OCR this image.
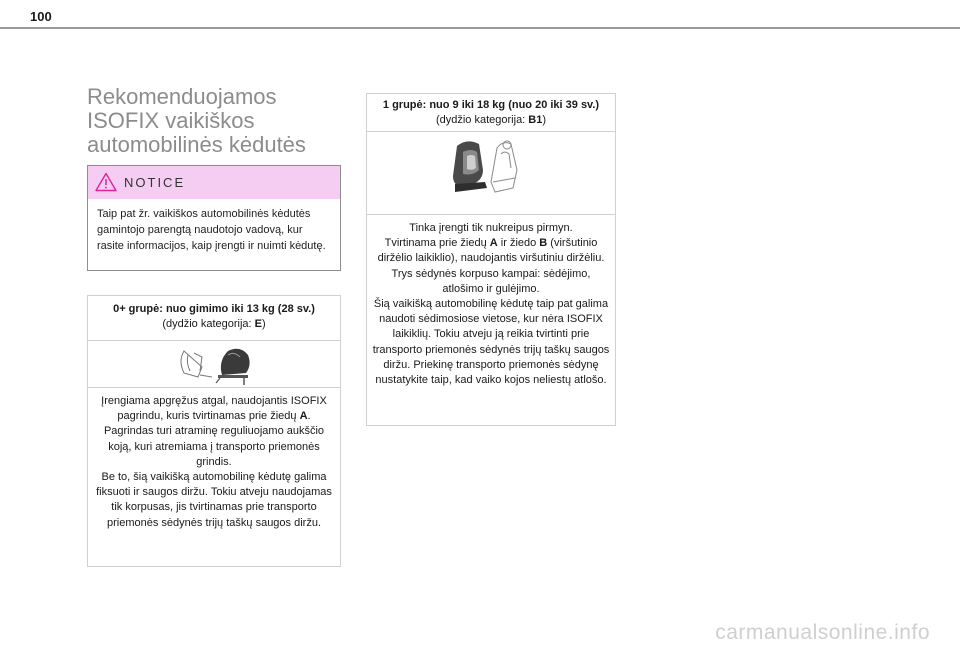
100
Rekomenduojamos
ISOFIX vaikiškos
automobilinės kėdutės
NOTICE
Taip pat žr. vaikiškos automobilinės kėdutės gamintojo parengtą naudotojo vadovą, kur rasite informacijos, kaip įrengti ir nuimti kėdutę.
0+ grupė: nuo gimimo iki 13 kg (28 sv.)
(dydžio kategorija: E)

Įrengiama apgręžus atgal, naudojantis ISOFIX pagrindu, kuris tvirtinamas prie žiedų A.

Pagrindas turi atraminę reguliuojamo aukščio koją, kuri atremiama į transporto priemonės grindis.

Be to, šią vaikišką automobilinę kėdutę galima fiksuoti ir saugos diržu. Tokiu atveju naudojamas tik korpusas, jis tvirtinamas prie transporto priemonės sėdynės trijų taškų saugos diržu.

1 grupė: nuo 9 iki 18 kg (nuo 20 iki 39 sv.)
(dydžio kategorija: B1)

Tinka įrengti tik nukreipus pirmyn.

Tvirtinama prie žiedų A ir žiedo B (viršutinio diržėlio laikiklio), naudojantis viršutiniu diržėliu.

Trys sėdynės korpuso kampai: sėdėjimo, atlošimo ir gulėjimo.

Šią vaikišką automobilinę kėdutę taip pat galima naudoti sėdimosiose vietose, kur nėra ISOFIX laikiklių. Tokiu atveju ją reikia tvirtinti prie transporto priemonės sėdynės trijų taškų saugos diržu. Priekinę transporto priemonės sėdynę nustatykite taip, kad vaiko kojos neliestų atlošo.

carmanualsonline.info
